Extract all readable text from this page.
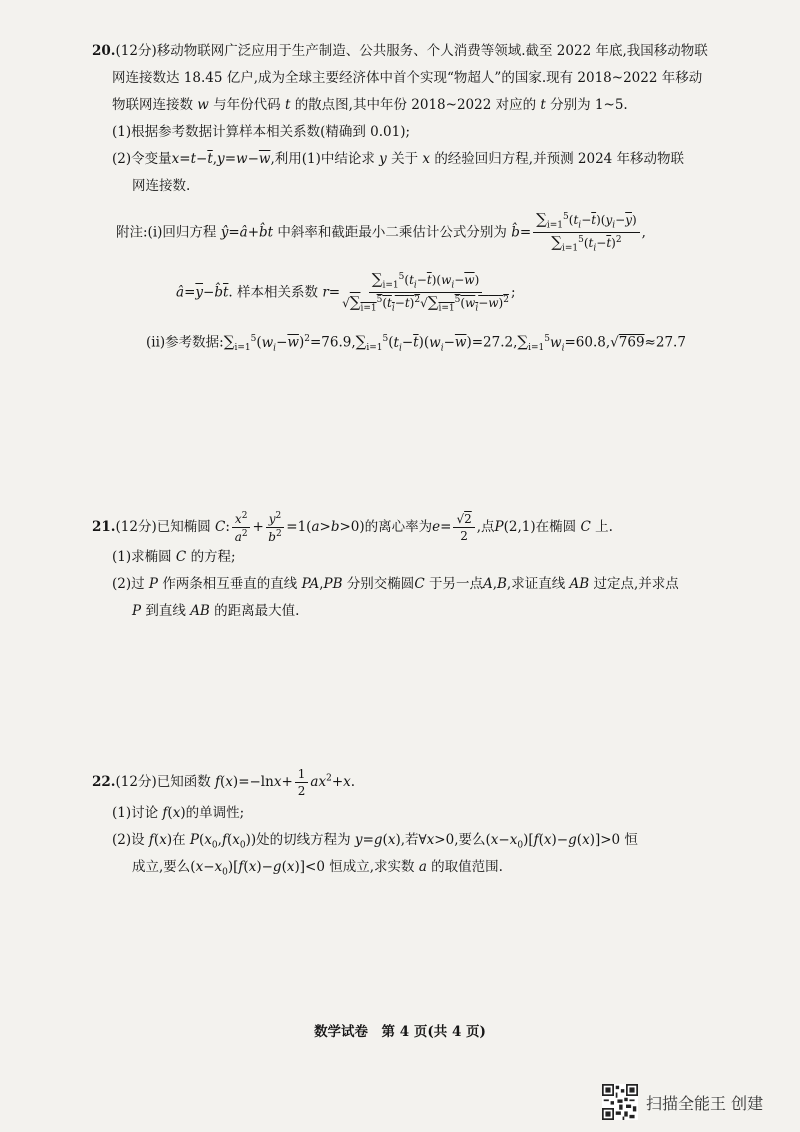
20.(12分)移动物联网广泛应用于生产制造、公共服务、个人消费等领域.截至 2022 年底,我国移动物联
网连接数达 18.45 亿户,成为全球主要经济体中首个实现“物超人”的国家.现有 2018~2022 年移动
物联网连接数 w 与年份代码 t 的散点图,其中年份 2018~2022 对应的 t 分别为 1~5.
(1)根据参考数据计算样本相关系数(精确到 0.01);
(2)令变量$x=t-\overline{t},y=w-\overline{w}$,利用(1)中结论求 y 关于 x 的经验回归方程,并预测 2024 年移动物联
网连接数.
附注:(i)回归方程 ŷ=â+b̂t 中斜率和截距最小二乘估计公式分别为 b̂= $\frac{\sum_{i=1}^5(t_i-\overline{t})(y_i-\overline{y})}{\sum_{i=1}^5(t_i-\overline{t})^2}$ ,
$â=\overline{y}-b̂\overline{t}$. 样本相关系数 $r= \frac{\sum_{i=1}^5(t_i-\overline{t})(w_i-\overline{w})}{√\sum_{i=1}^5(t_i-t)^2√\sum_{i=1}^5(w_i-w)^2}$ ;
(ii)参考数据$:\sum_{i=1}^5(w_i-\overline{w})^2=76.9,\sum_{i=1}^5(t_i-\overline{t})(w_i-\overline{w})=27.2,\sum_{i=1}^5w_i=60.8,√769\approx 27.7$
21.(12分)已知椭圆 C: $\frac{x^2}{a^2} + \frac{y^2}{b^2} =1(a>b>0)$的离心率为$e= \frac{√2}{2}$ ,点P(2,1)在椭圆 C 上.
(1)求椭圆 C 的方程;
(2)过 P 作两条相互垂直的直线 PA,PB 分别交椭圆C 于另一点A,B,求证直线 AB 过定点,并求点
P 到直线 AB 的距离最大值.
22.(12分)已知函数 $f(x)=-\ln x+ \frac{1}{2} ax^2+x$.
(1)讨论 f(x)的单调性;
(2)设 f(x)在 $P(x_0,f(x_0))$处的切线方程为 y=g(x),若∀x>0,要么$(x-x_0)[f(x)-g(x)]>0$ 恒
成立,要么$(x-x_0)[f(x)-g(x)]<0$ 恒成立,求实数 a 的取值范围.
数学试卷　第 4 页(共 4 页)
扫描全能王 创建
